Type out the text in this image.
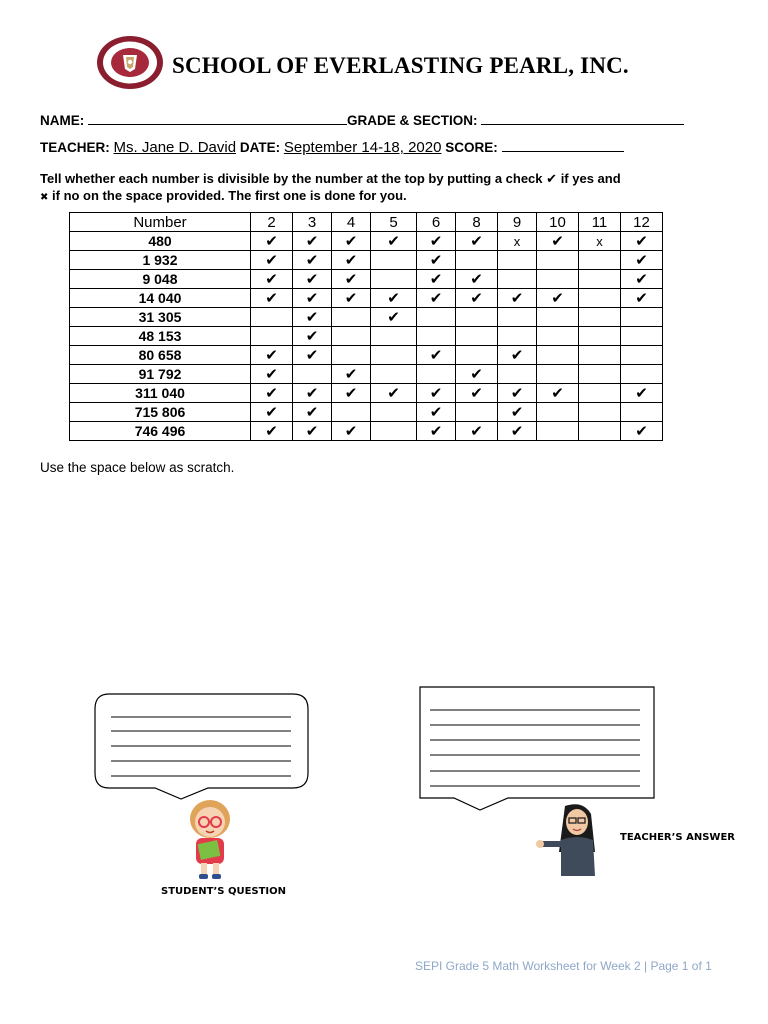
SCHOOL OF EVERLASTING PEARL, INC.
NAME:	GRADE & SECTION:
TEACHER: Ms. Jane D. David DATE: September 14-18, 2020 SCORE:
Tell whether each number is divisible by the number at the top by putting a check ✔ if yes and
✖ if no on the space provided. The first one is done for you.
Number	2	3	4	5	6	8	9	10	11	12
480	✔	✔	✔	✔	✔	✔	x	✔	x	✔
1 932	✔	✔	✔		✔					✔
9 048	✔	✔	✔		✔	✔				✔
14 040	✔	✔	✔	✔	✔	✔	✔	✔		✔
31 305		✔		✔						
48 153		✔								
80 658	✔	✔			✔		✔			
91 792	✔		✔			✔				
311 040	✔	✔	✔	✔	✔	✔	✔	✔		✔
715 806	✔	✔			✔		✔			
746 496	✔	✔	✔		✔	✔	✔			✔
Use the space below as scratch.
STUDENT’S QUESTION
TEACHER’S ANSWER
SEPI Grade 5 Math Worksheet for Week 2 | Page 1 of 1
